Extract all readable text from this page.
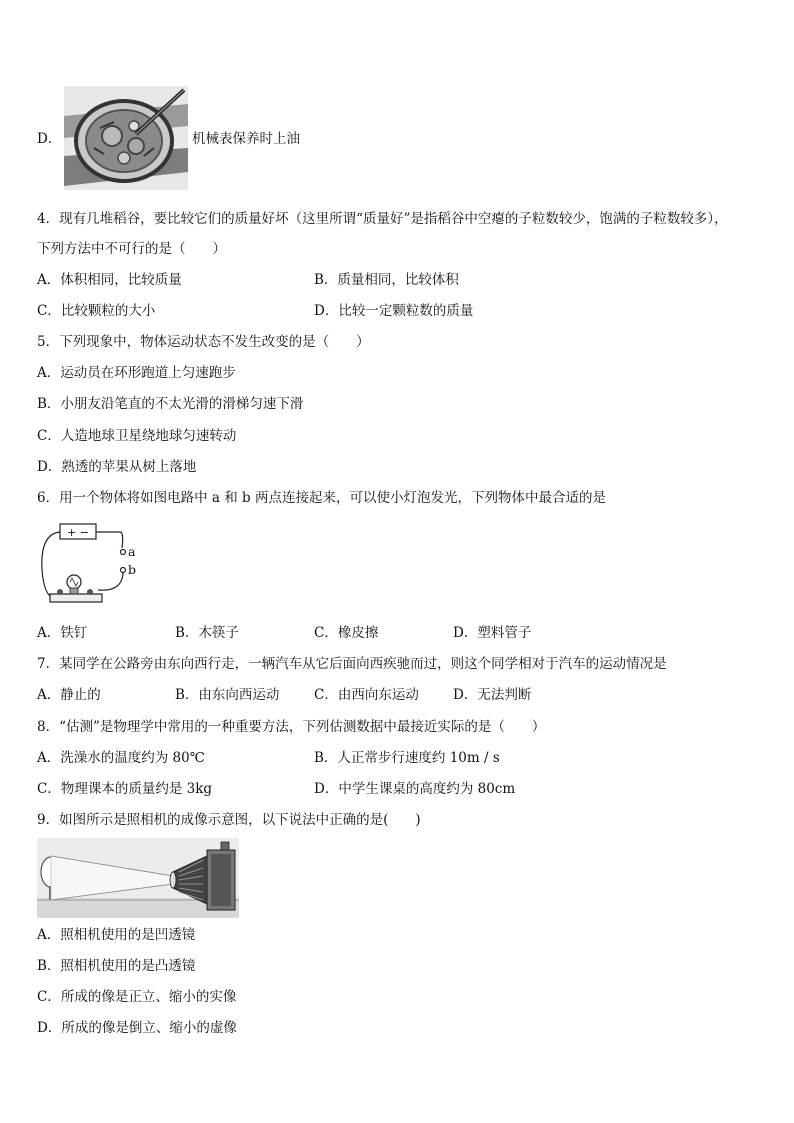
D．	机械表保养时上油
4．现有几堆稻谷，要比较它们的质量好坏（这里所谓“质量好”是指稻谷中空瘪的子粒数较少，饱满的子粒数较多），
下列方法中不可行的是（　　）
A．体积相同，比较质量	B．质量相同，比较体积
C．比较颗粒的大小	D．比较一定颗粒数的质量
5．下列现象中，物体运动状态不发生改变的是（　　）
A．运动员在环形跑道上匀速跑步
B．小朋友沿笔直的不太光滑的滑梯匀速下滑
C．人造地球卫星绕地球匀速转动
D．熟透的苹果从树上落地
6．用一个物体将如图电路中 a 和 b 两点连接起来，可以使小灯泡发光，下列物体中最合适的是
+ −
a
b
A．铁钉	B．木筷子	C．橡皮擦	D．塑料管子
7．某同学在公路旁由东向西行走，一辆汽车从它后面向西疾驰而过，则这个同学相对于汽车的运动情况是
A．静止的	B．由东向西运动	C．由西向东运动	D．无法判断
8．“估测”是物理学中常用的一种重要方法，下列估测数据中最接近实际的是（　　）
A．洗澡水的温度约为 80℃	B．人正常步行速度约 10m / s
C．物理课本的质量约是 3kg	D．中学生课桌的高度约为 80cm
9．如图所示是照相机的成像示意图，以下说法中正确的是(　　)
A．照相机使用的是凹透镜
B．照相机使用的是凸透镜
C．所成的像是正立、缩小的实像
D．所成的像是倒立、缩小的虚像
